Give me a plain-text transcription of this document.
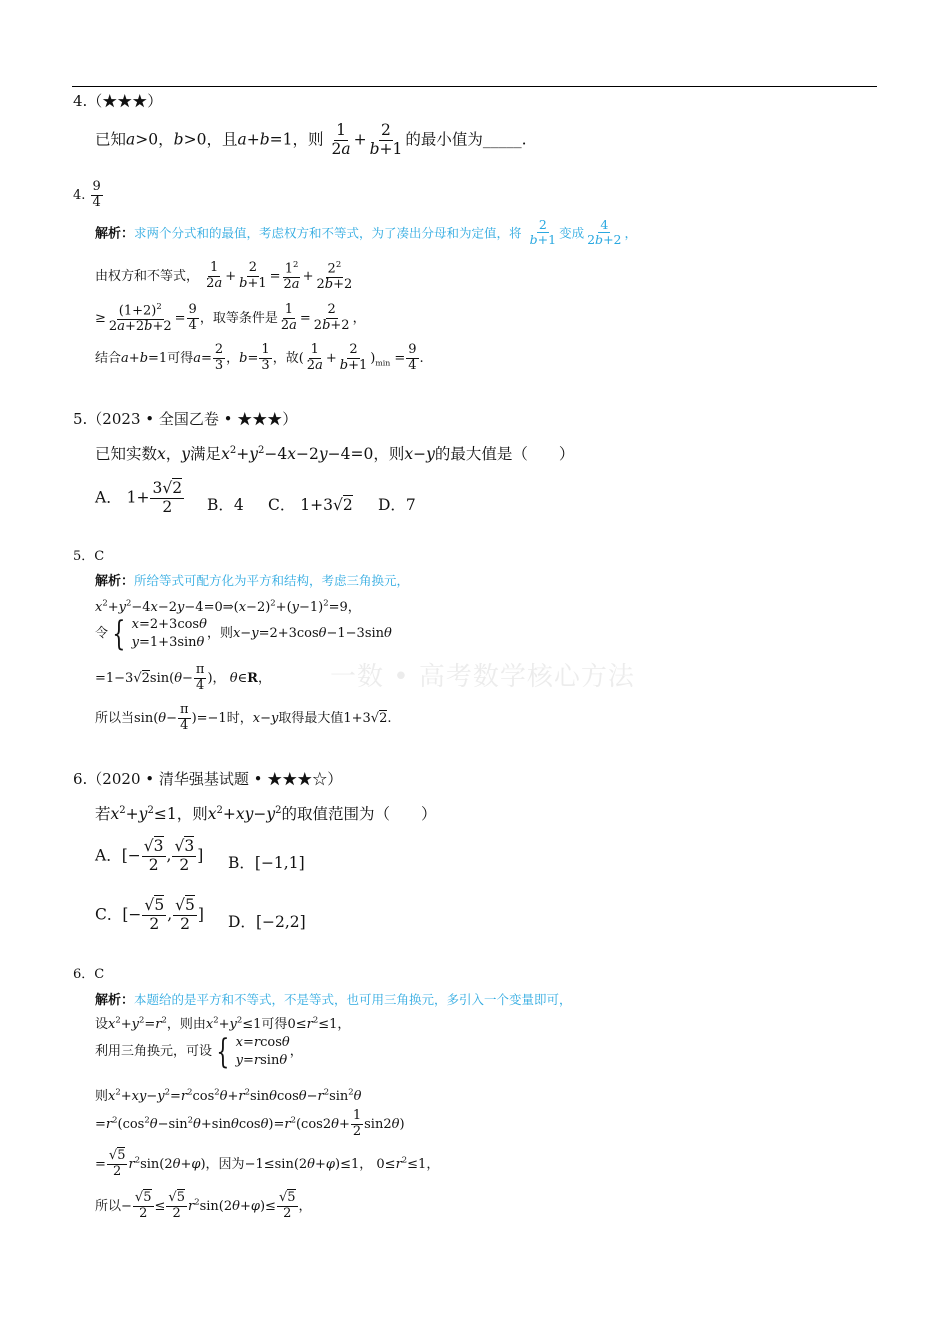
一数 • 高考数学核心方法
4.（★★★）
已知a>0，b>0，且a+b=1，则 $\frac{1}{2a} + \frac{2}{b+1}$ 的最小值为_____.
4. $\frac{9}{4}$
解析：求两个分式和的最值，考虑权方和不等式，为了凑出分母和为定值，将 $\frac{2}{b+1}$ 变成 $\frac{4}{2b+2}$ ，
由权方和不等式， $\frac{1}{2a} + \frac{2}{b+1} = \frac{1^2}{2a} + \frac{2^2}{2b+2}$
≥ $\frac{(1+2)^2}{2a+2b+2} = \frac{9}{4}$ ，取等条件是 $\frac{1}{2a} = \frac{2}{2b+2}$ ，
结合a+b=1可得$a= \frac{2}{3}$ ，$b= \frac{1}{3}$ ，故( $\frac{1}{2a} + \frac{2}{b+1} )_{min} = \frac{9}{4}$ .
5.（2023 • 全国乙卷 • ★★★）
已知实数x，y满足$x^2+y^2-4x-2y-4=0$，则x−y的最大值是（　　）
A． $1+ \frac{3√2}{2}$ B．4 C． 1+3√2 D．7
5．C
解析：所给等式可配方化为平方和结构，考虑三角换元，
$x^2+y^2-4x-2y-4=0\Rightarrow(x-2)^2+(y-1)^2=9$，
令 { x=2+3cosθ
y=1+3sinθ
，则x−y=2+3cosθ−1−3sinθ
$=1-3√2\sin(\theta- \frac{\pi}{4}$ )， θ∈R，
所以当$\sin(\theta- \frac{\pi}{4} )=-1$时，x−y取得最大值1+3√2.
6.（2020 • 清华强基试题 • ★★★☆）
若$x^2+y^2\le 1$，则$x^2+xy-y^2$的取值范围为（　　）
A．[− $\frac{√3}{2}$ , $\frac{√3}{2}$ ] B．[−1,1]
C．[− $\frac{√5}{2}$ , $\frac{√5}{2}$ ] D．[−2,2]
6．C
解析：本题给的是平方和不等式，不是等式，也可用三角换元，多引入一个变量即可，
设$x^2+y^2=r^2$，则由$x^2+y^2\le 1$可得$0\le r^2\le 1$，
利用三角换元，可设 { x=rcosθ
y=rsinθ
，
则$x^2+xy-y^2=r^2\cos^2\theta+r^2\sin\theta\cos\theta-r^2\sin^2\theta$
$=r^2(\cos^2\theta-\sin^2\theta+\sin\theta\cos\theta)=r^2(\cos 2\theta+ \frac{1}{2} \sin 2\theta)$
= $\frac{√5}{2} r^2\sin(2\theta+\varphi)$，因为−1≤sin(2θ+φ)≤1， $0\le r^2\le 1$，
所以− $\frac{√5}{2} \le \frac{√5}{2} r^2\sin(2\theta+\varphi)\le \frac{√5}{2}$ ，
